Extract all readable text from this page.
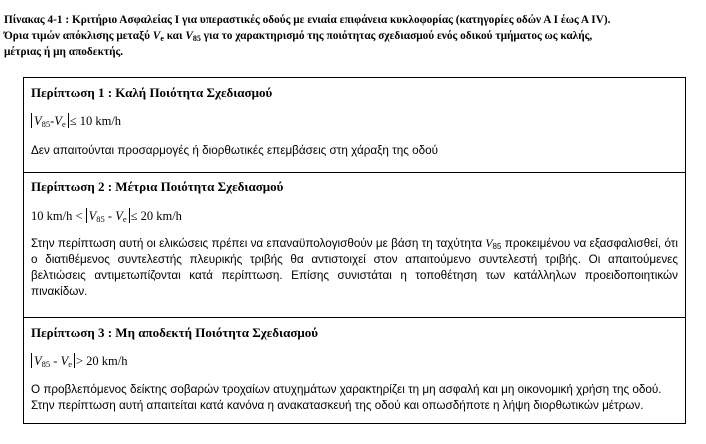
Πίνακας 4-1 : Κριτήριο Ασφαλείας Ι για υπεραστικές οδούς με ενιαία επιφάνεια κυκλοφορίας (κατηγορίες οδών Α Ι έως Α ΙV).
Όρια τιμών απόκλισης μεταξύ $V_e$ και $V_{85}$ για το χαρακτηρισμό της ποιότητας σχεδιασμού ενός οδικού τμήματος ως καλής,
μέτριας ή μη αποδεκτής.

Περίπτωση 1 : Καλή Ποιότητα Σχεδιασμού

$V_{85}-V_e \le 10$ km/h

Δεν απαιτούνται προσαρμογές ή διορθωτικές επεμβάσεις στη χάραξη της οδού

Περίπτωση 2 : Μέτρια Ποιότητα Σχεδιασμού

10 $km/h < V_{85} - V_e \le 20$ km/h

Στην περίπτωση αυτή οι ελικώσεις πρέπει να επαναϋπολογισθούν με βάση τη ταχύτητα $V_{85}$ προκειμένου να εξασφαλισθεί, ότι ο διατιθέμενος συντελεστής πλευρικής τριβής θα αντιστοιχεί στον απαιτούμενο συντελεστή τριβής. Οι απαιτούμενες βελτιώσεις αντιμετωπίζονται κατά περίπτωση. Επίσης συνιστάται η τοποθέτηση των κατάλληλων προειδοποιητικών πινακίδων.

Περίπτωση 3 : Μη αποδεκτή Ποιότητα Σχεδιασμού

$V_{85} - V_e > 20$ km/h

Ο προβλεπόμενος δείκτης σοβαρών τροχαίων ατυχημάτων χαρακτηρίζει τη μη ασφαλή και μη οικονομική χρήση της οδού.

Στην περίπτωση αυτή απαιτείται κατά κανόνα η ανακατασκευή της οδού και οπωσδήποτε η λήψη διορθωτικών μέτρων.
